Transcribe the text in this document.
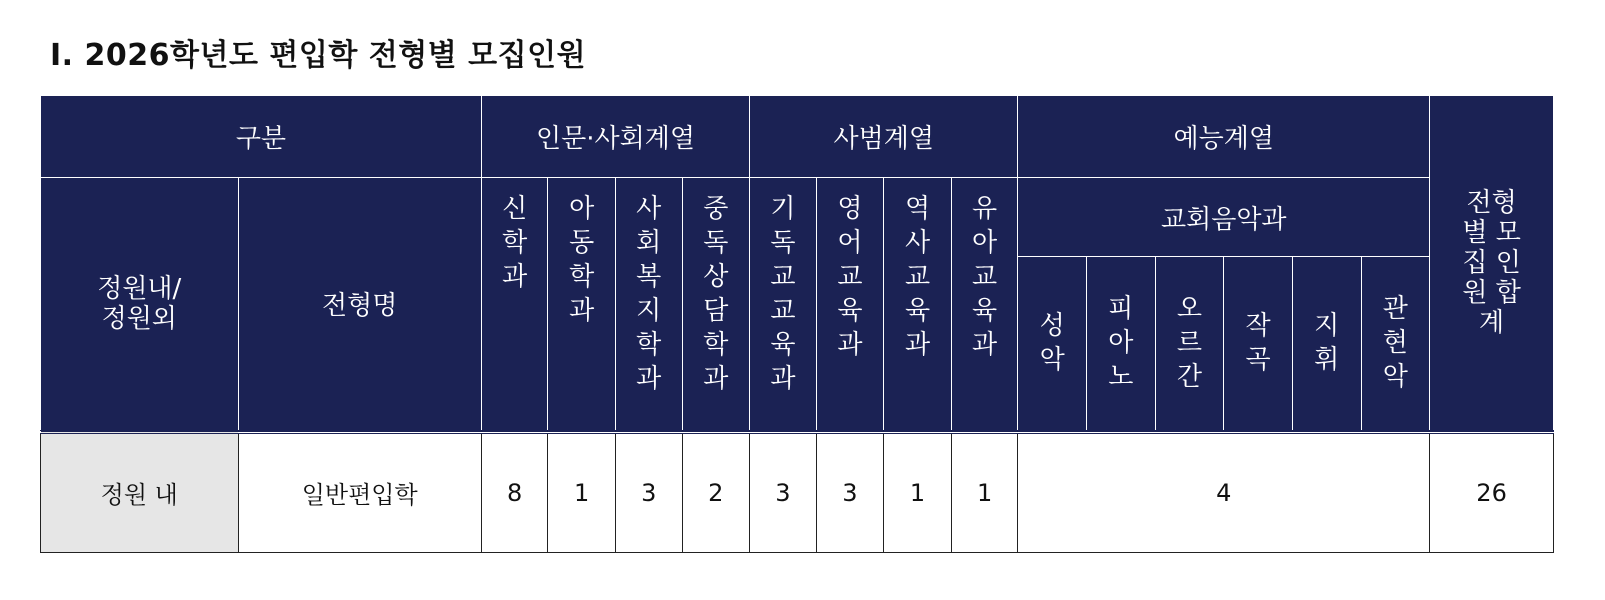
Ⅰ. 2026학년도 편입학 전형별 모집인원
구분		인문·사회계열				사범계열				예능계열						전형별 모집 인원 합계
정원내/ 정원외	전형명	신학과	아동학과	사회복지학과	중독상담학과	기독교교육과	영어교육과	역사교육과	유아교육과	교회음악과						
										성악	피아노	오르간	작곡	지휘	관현악	
정원 내	일반편입학	8	1	3	2	3	3	1	1	4						26
